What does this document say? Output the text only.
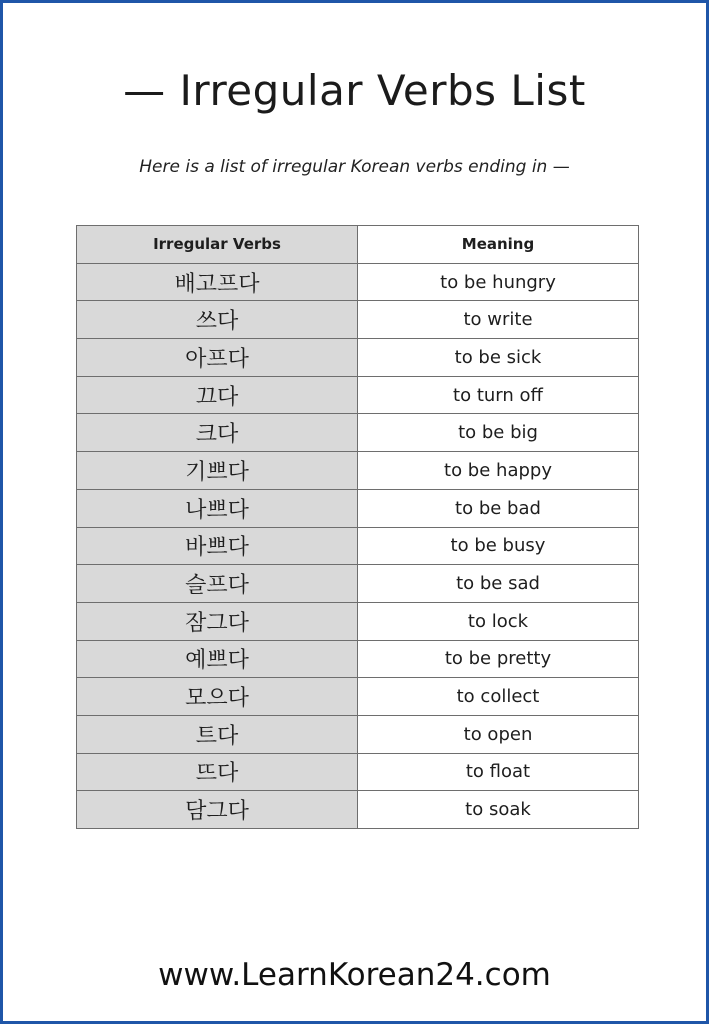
— Irregular Verbs List

Here is a list of irregular Korean verbs ending in —

Irregular Verbs	Meaning
배고프다	to be hungry
쓰다	to write
아프다	to be sick
끄다	to turn off
크다	to be big
기쁘다	to be happy
나쁘다	to be bad
바쁘다	to be busy
슬프다	to be sad
잠그다	to lock
예쁘다	to be pretty
모으다	to collect
트다	to open
뜨다	to float
담그다	to soak

www.LearnKorean24.com
